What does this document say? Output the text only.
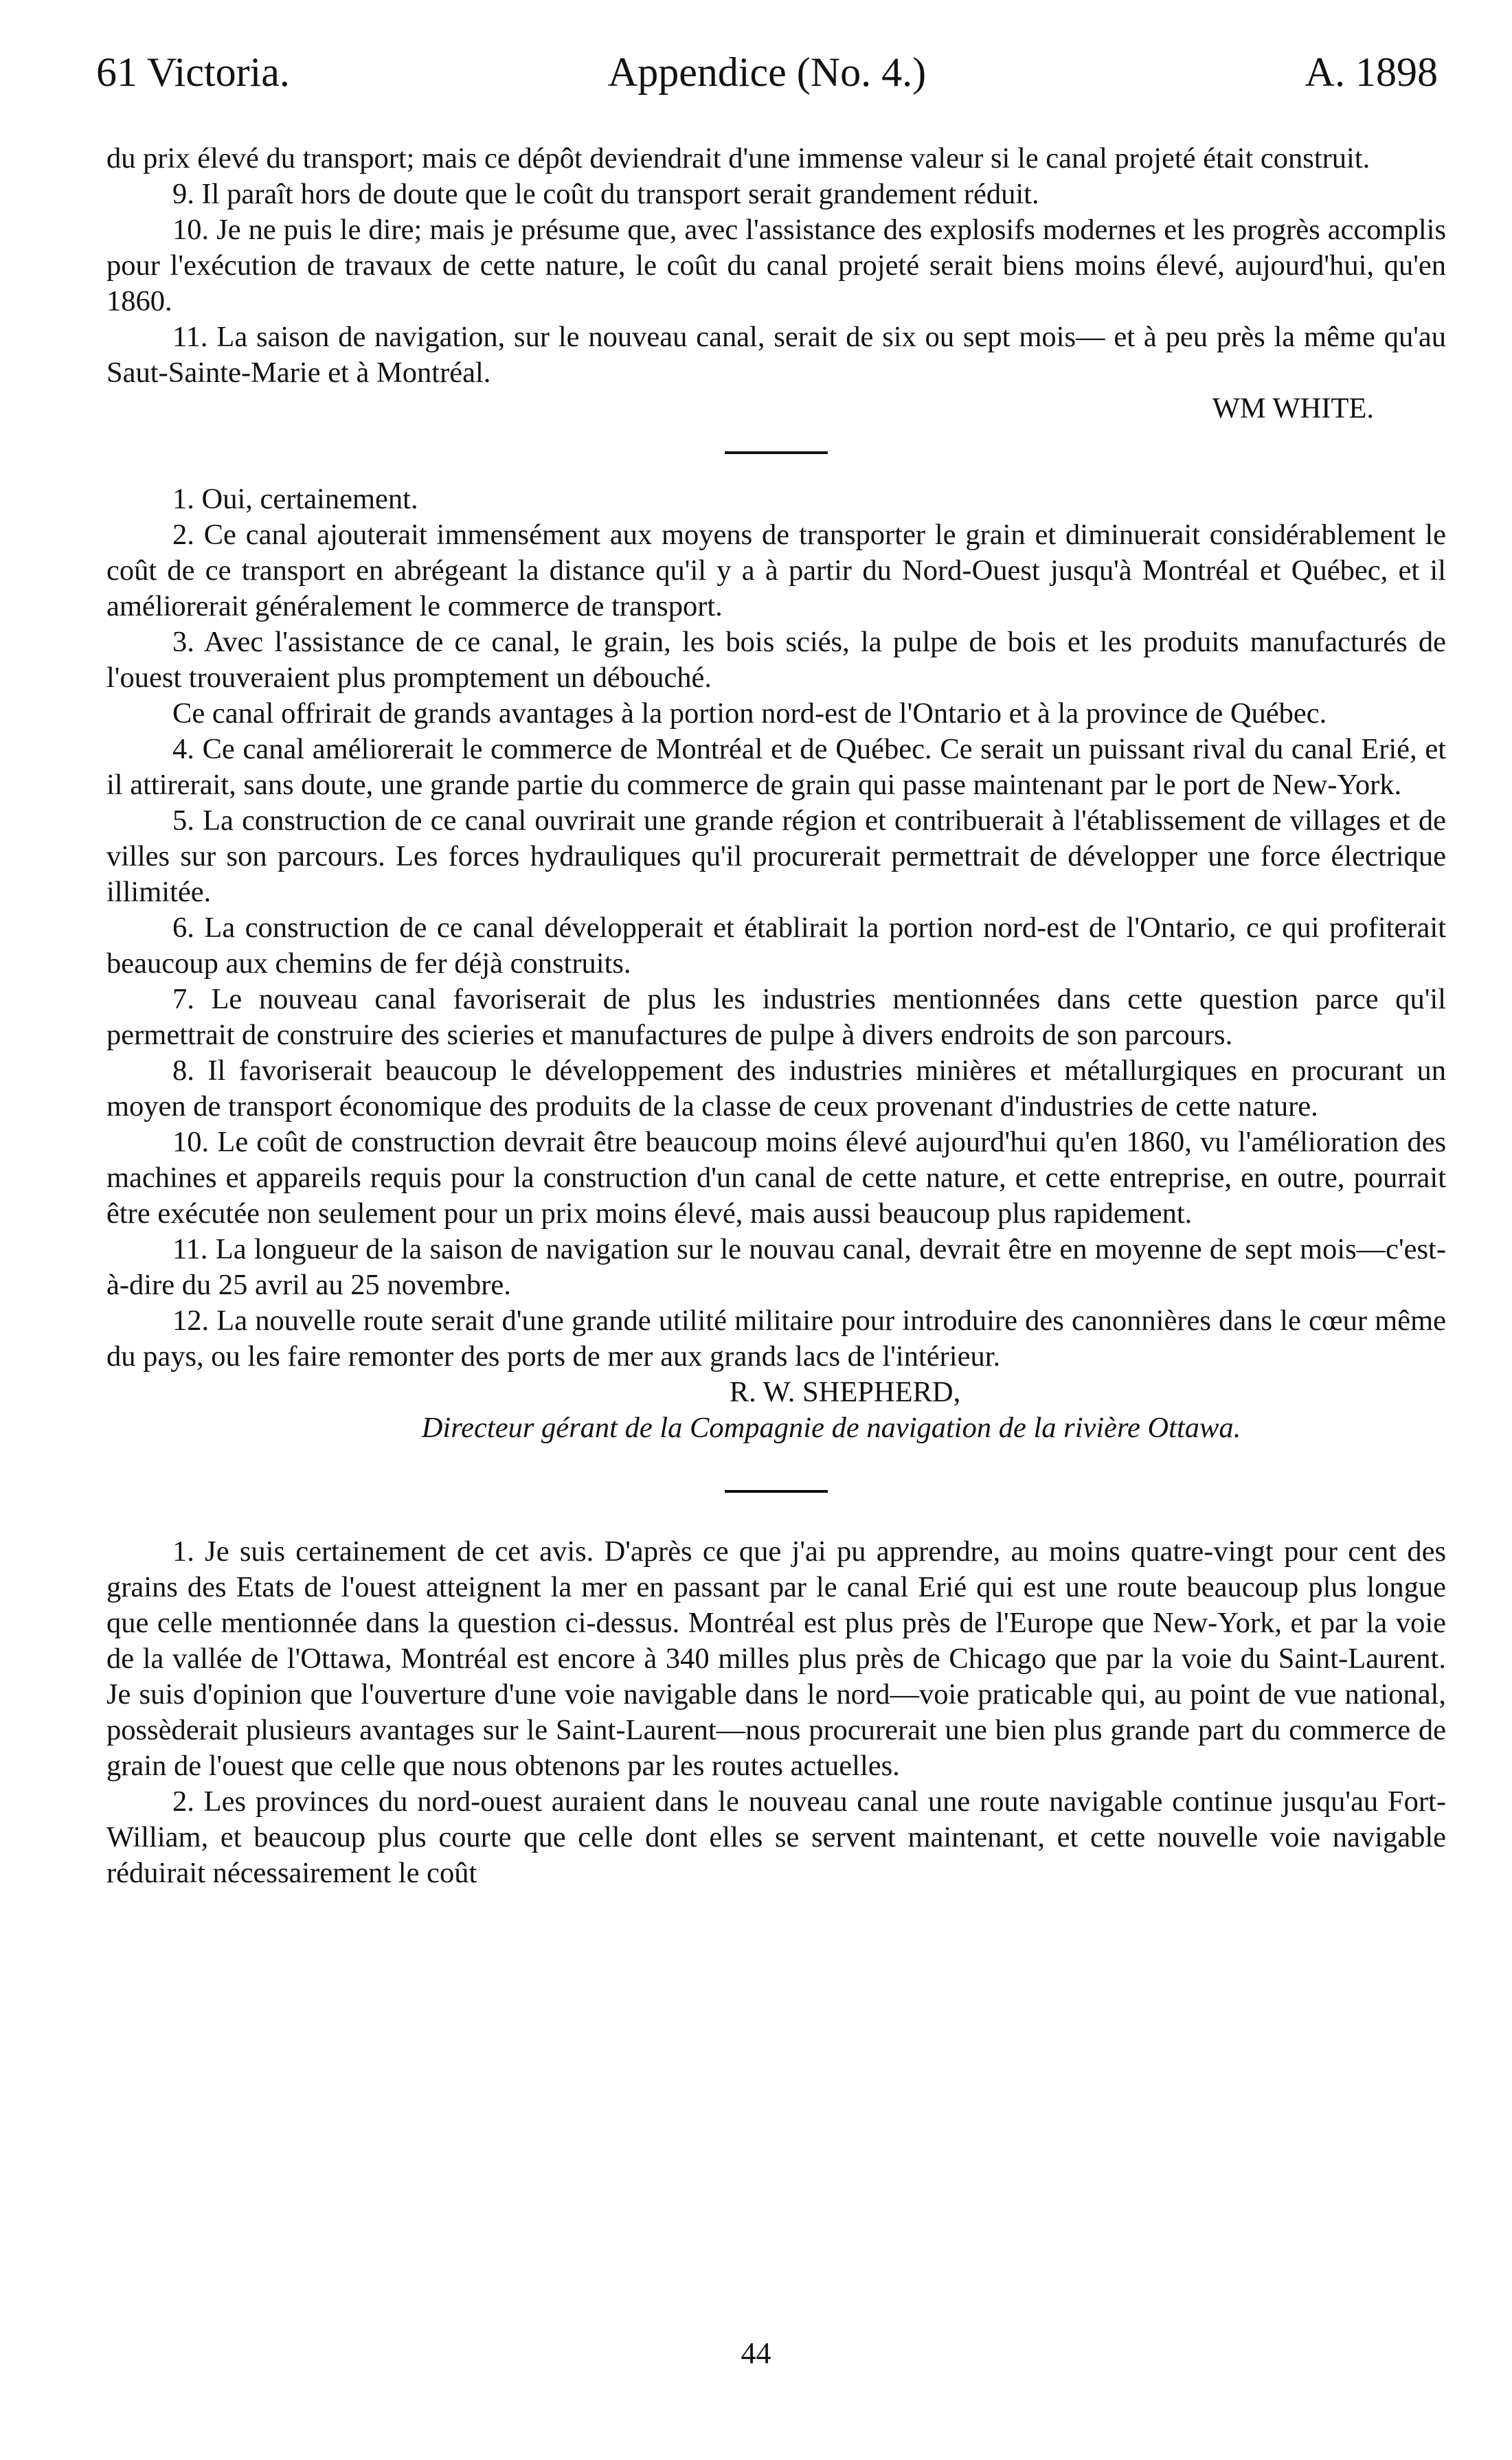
61 Victoria.	Appendice (No. 4.)	A. 1898

du prix élevé du transport; mais ce dépôt deviendrait d'une immense valeur si le canal projeté était construit.

9. Il paraît hors de doute que le coût du transport serait grandement réduit.

10. Je ne puis le dire; mais je présume que, avec l'assistance des explosifs modernes et les progrès accomplis pour l'exécution de travaux de cette nature, le coût du canal projeté serait biens moins élevé, aujourd'hui, qu'en 1860.

11. La saison de navigation, sur le nouveau canal, serait de six ou sept mois— et à peu près la même qu'au Saut-Sainte-Marie et à Montréal.

WM WHITE.

1. Oui, certainement.

2. Ce canal ajouterait immensément aux moyens de transporter le grain et diminuerait considérablement le coût de ce transport en abrégeant la distance qu'il y a à partir du Nord-Ouest jusqu'à Montréal et Québec, et il améliorerait généralement le commerce de transport.

3. Avec l'assistance de ce canal, le grain, les bois sciés, la pulpe de bois et les produits manufacturés de l'ouest trouveraient plus promptement un débouché.

Ce canal offrirait de grands avantages à la portion nord-est de l'Ontario et à la province de Québec.

4. Ce canal améliorerait le commerce de Montréal et de Québec. Ce serait un puissant rival du canal Erié, et il attirerait, sans doute, une grande partie du commerce de grain qui passe maintenant par le port de New-York.

5. La construction de ce canal ouvrirait une grande région et contribuerait à l'établissement de villages et de villes sur son parcours. Les forces hydrauliques qu'il procurerait permettrait de développer une force électrique illimitée.

6. La construction de ce canal développerait et établirait la portion nord-est de l'Ontario, ce qui profiterait beaucoup aux chemins de fer déjà construits.

7. Le nouveau canal favoriserait de plus les industries mentionnées dans cette question parce qu'il permettrait de construire des scieries et manufactures de pulpe à divers endroits de son parcours.

8. Il favoriserait beaucoup le développement des industries minières et métallurgiques en procurant un moyen de transport économique des produits de la classe de ceux provenant d'industries de cette nature.

10. Le coût de construction devrait être beaucoup moins élevé aujourd'hui qu'en 1860, vu l'amélioration des machines et appareils requis pour la construction d'un canal de cette nature, et cette entreprise, en outre, pourrait être exécutée non seulement pour un prix moins élevé, mais aussi beaucoup plus rapidement.

11. La longueur de la saison de navigation sur le nouvau canal, devrait être en moyenne de sept mois—c'est-à-dire du 25 avril au 25 novembre.

12. La nouvelle route serait d'une grande utilité militaire pour introduire des canonnières dans le cœur même du pays, ou les faire remonter des ports de mer aux grands lacs de l'intérieur.

R. W. SHEPHERD,

Directeur gérant de la Compagnie de navigation de la rivière Ottawa.

1. Je suis certainement de cet avis. D'après ce que j'ai pu apprendre, au moins quatre-vingt pour cent des grains des Etats de l'ouest atteignent la mer en passant par le canal Erié qui est une route beaucoup plus longue que celle mentionnée dans la question ci-dessus. Montréal est plus près de l'Europe que New-York, et par la voie de la vallée de l'Ottawa, Montréal est encore à 340 milles plus près de Chicago que par la voie du Saint-Laurent. Je suis d'opinion que l'ouverture d'une voie navigable dans le nord—voie praticable qui, au point de vue national, possèderait plusieurs avantages sur le Saint-Laurent—nous procurerait une bien plus grande part du commerce de grain de l'ouest que celle que nous obtenons par les routes actuelles.

2. Les provinces du nord-ouest auraient dans le nouveau canal une route navigable continue jusqu'au Fort-William, et beaucoup plus courte que celle dont elles se servent maintenant, et cette nouvelle voie navigable réduirait nécessairement le coût

44
